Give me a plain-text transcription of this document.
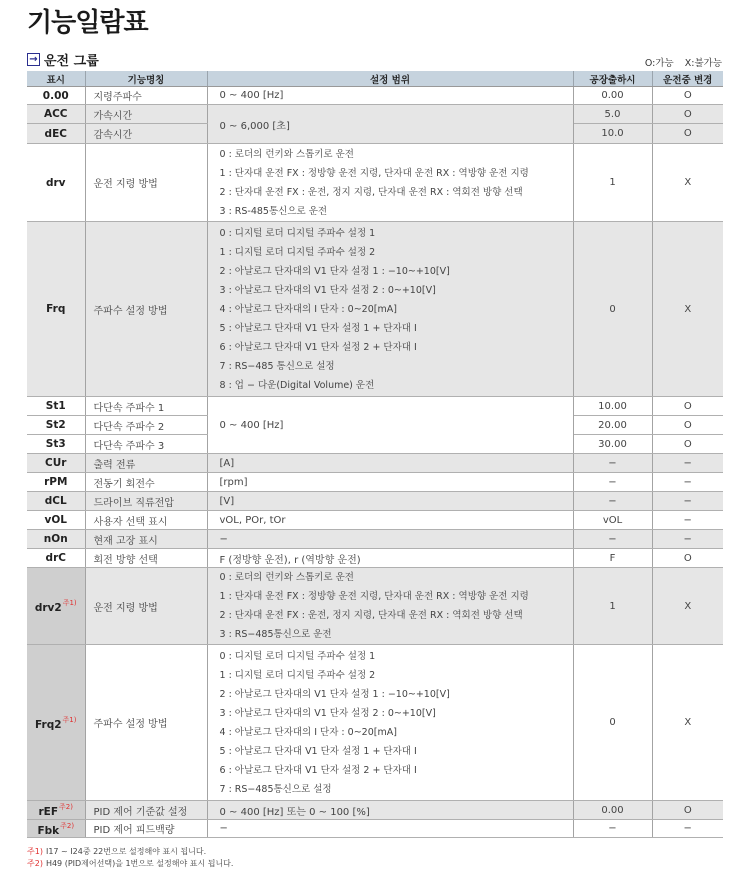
기능일람표
→ 운전 그룹	O:가능 X:불가능
표시	기능명칭	설정 범위	공장출하시	운전중 변경
0.00	지령주파수	0 ~ 400 [Hz]	0.00	O
ACC	가속시간	0 ~ 6,000 [초]	5.0	O
dEC	감속시간		10.0	O
drv	운전 지령 방법	0 : 로더의 런키와 스톱키로 운전
1 : 단자대 운전 FX : 정방향 운전 지령, 단자대 운전 RX : 역방향 운전 지령
2 : 단자대 운전 FX : 운전, 정지 지령, 단자대 운전 RX : 역회전 방향 선택
3 : RS-485통신으로 운전	1	X
Frq	주파수 설정 방법	
0 : 디지털 로더 디지털 주파수 설정 1
1 : 디지털 로더 디지털 주파수 설정 2
2 : 아날로그 단자대의 V1 단자 설정 1 : −10~+10[V]
3 : 아날로그 단자대의 V1 단자 설정 2 : 0~+10[V]
4 : 아날로그 단자대의 I 단자 : 0~20[mA]
5 : 아날로그 단자대 V1 단자 설정 1 + 단자대 I
6 : 아날로그 단자대 V1 단자 설정 2 + 단자대 I
7 : RS−485 통신으로 설정
8 : 업 − 다운(Digital Volume) 운전
	0	X
St1	다단속 주파수 1	0 ~ 400 [Hz]	10.00	O
St2	다단속 주파수 2		20.00	O
St3	다단속 주파수 3		30.00	O
CUr	출력 전류	[A]	−	−
rPM	전동기 회전수	[rpm]	−	−
dCL	드라이브 직류전압	[V]	−	−
vOL	사용자 선택 표시	vOL, POr, tOr	vOL	−
nOn	현재 고장 표시	−	−	−
drC	회전 방향 선택	F (정방향 운전), r (역방향 운전)	F	O
drv2$^{주1)}$	운전 지령 방법	0 : 로더의 런키와 스톱키로 운전
1 : 단자대 운전 FX : 정방향 운전 지령, 단자대 운전 RX : 역방향 운전 지령
2 : 단자대 운전 FX : 운전, 정지 지령, 단자대 운전 RX : 역회전 방향 선택
3 : RS−485통신으로 운전	1	X
Frq2$^{주1)}$	주파수 설정 방법	
0 : 디지털 로더 디지털 주파수 설정 1
1 : 디지털 로더 디지털 주파수 설정 2
2 : 아날로그 단자대의 V1 단자 설정 1 : −10~+10[V]
3 : 아날로그 단자대의 V1 단자 설정 2 : 0~+10[V]
4 : 아날로그 단자대의 I 단자 : 0~20[mA]
5 : 아날로그 단자대 V1 단자 설정 1 + 단자대 I
6 : 아날로그 단자대 V1 단자 설정 2 + 단자대 I
7 : RS−485통신으로 설정
	0	X
rEF$^{주2)}$	PID 제어 기준값 설정	0 ~ 400 [Hz] 또는 0 ~ 100 [%]	0.00	O
Fbk$^{주2)}$	PID 제어 피드백량	−	−	−
주1) I17 ~ I24중 22번으로 설정해야 표시 됩니다.
주2) H49 (PID제어선택)을 1번으로 설정해야 표시 됩니다.
